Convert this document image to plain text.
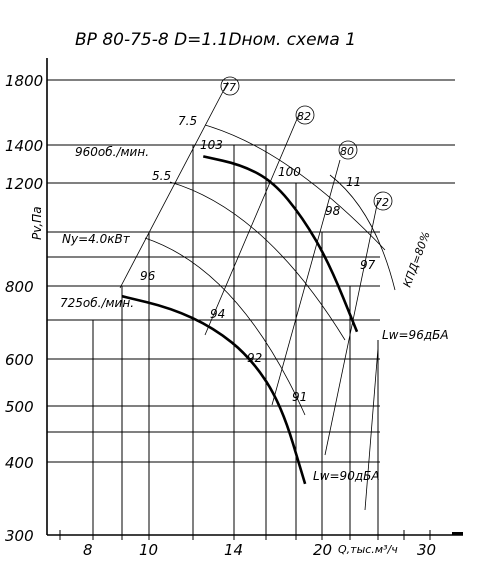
ВР 80-75-8 D=1.1Dном. схема 1
1800
1400
1200
800
600
500
400
300
Pv,Па
8	10	14	20	30
Q,тыс.м³/ч
77
82
80
72
7.5
5.5
Ny=4.0кВт
11
960об./мин.
725об./мин.
103
100
98
97
96
94
92
91
КПД=80%
Lw=96дБА
Lw=90дБА
